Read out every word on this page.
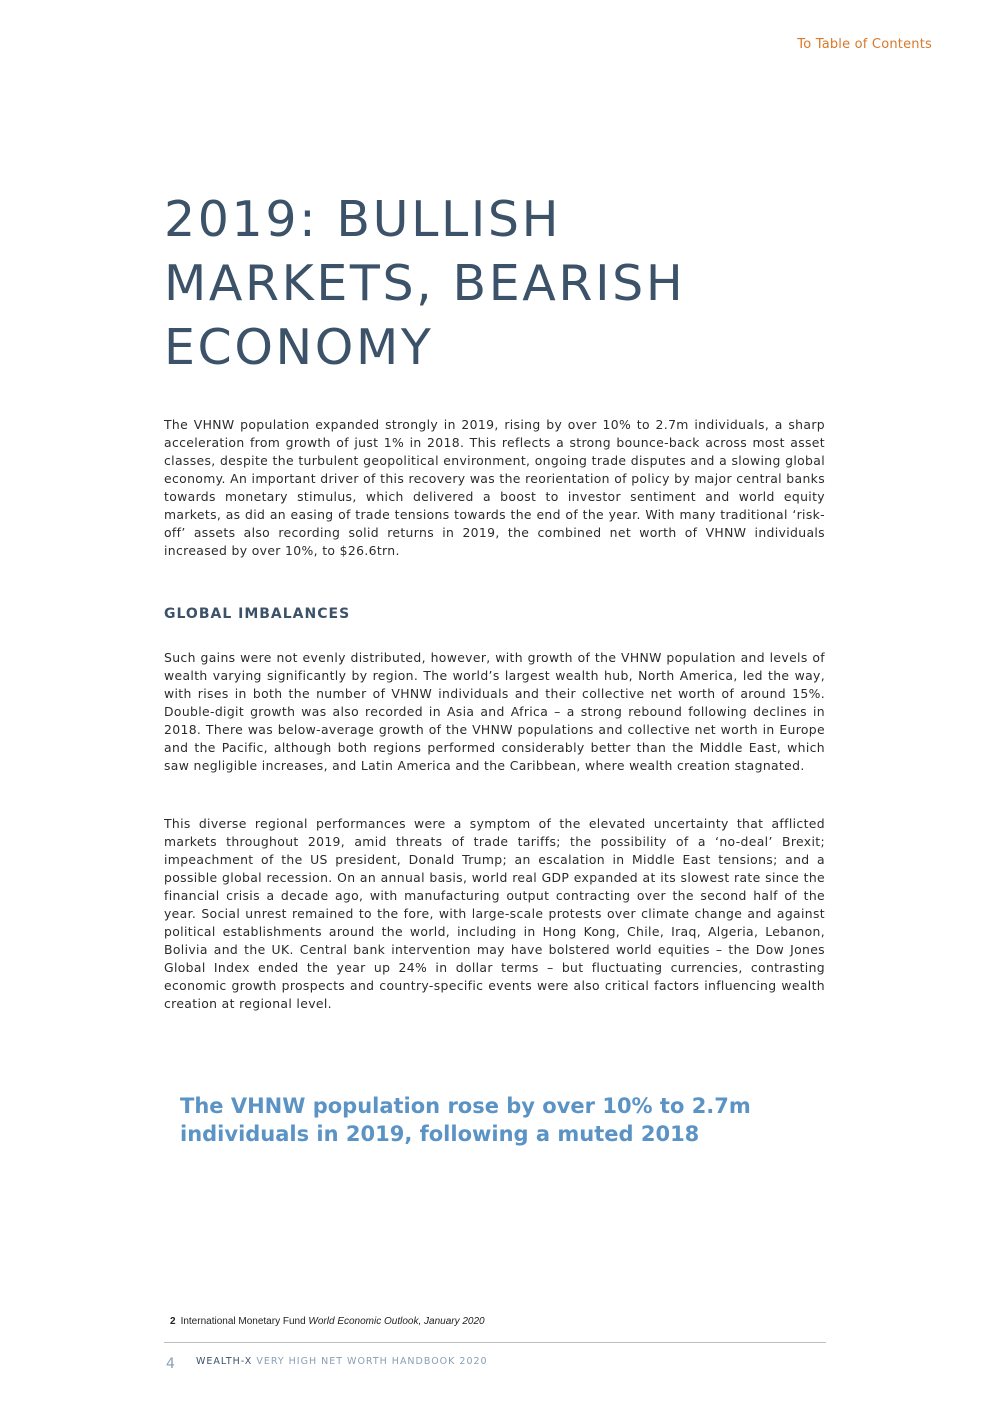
To Table of Contents
2019: BULLISH
MARKETS, BEARISH
ECONOMY

The VHNW population expanded strongly in 2019, rising by over 10% to 2.7m individuals, a sharp acceleration from growth of just 1% in 2018. This reflects a strong bounce-back across most asset classes, despite the turbulent geopolitical environment, ongoing trade disputes and a slowing global economy. An important driver of this recovery was the reorientation of policy by major central banks towards monetary stimulus, which delivered a boost to investor sentiment and world equity markets, as did an easing of trade tensions towards the end of the year. With many traditional ‘risk-off’ assets also recording solid returns in 2019, the combined net worth of VHNW individuals increased by over 10%, to $26.6trn.

GLOBAL IMBALANCES

Such gains were not evenly distributed, however, with growth of the VHNW population and levels of wealth varying significantly by region. The world’s largest wealth hub, North America, led the way, with rises in both the number of VHNW individuals and their collective net worth of around 15%. Double-digit growth was also recorded in Asia and Africa – a strong rebound following declines in 2018. There was below-average growth of the VHNW populations and collective net worth in Europe and the Pacific, although both regions performed considerably better than the Middle East, which saw negligible increases, and Latin America and the Caribbean, where wealth creation stagnated.

This diverse regional performances were a symptom of the elevated uncertainty that afflicted markets throughout 2019, amid threats of trade tariffs; the possibility of a ‘no-deal’ Brexit; impeachment of the US president, Donald Trump; an escalation in Middle East tensions; and a possible global recession. On an annual basis, world real GDP expanded at its slowest rate since the financial crisis a decade ago, with manufacturing output contracting over the second half of the year. Social unrest remained to the fore, with large-scale protests over climate change and against political establishments around the world, including in Hong Kong, Chile, Iraq, Algeria, Lebanon, Bolivia and the UK. Central bank intervention may have bolstered world equities – the Dow Jones Global Index ended the year up 24% in dollar terms – but fluctuating currencies, contrasting economic growth prospects and country-specific events were also critical factors influencing wealth creation at regional level.

The VHNW population rose by over 10% to 2.7m individuals in 2019, following a muted 2018

2 International Monetary Fund World Economic Outlook, January 2020
4 WEALTH-X VERY HIGH NET WORTH HANDBOOK 2020
